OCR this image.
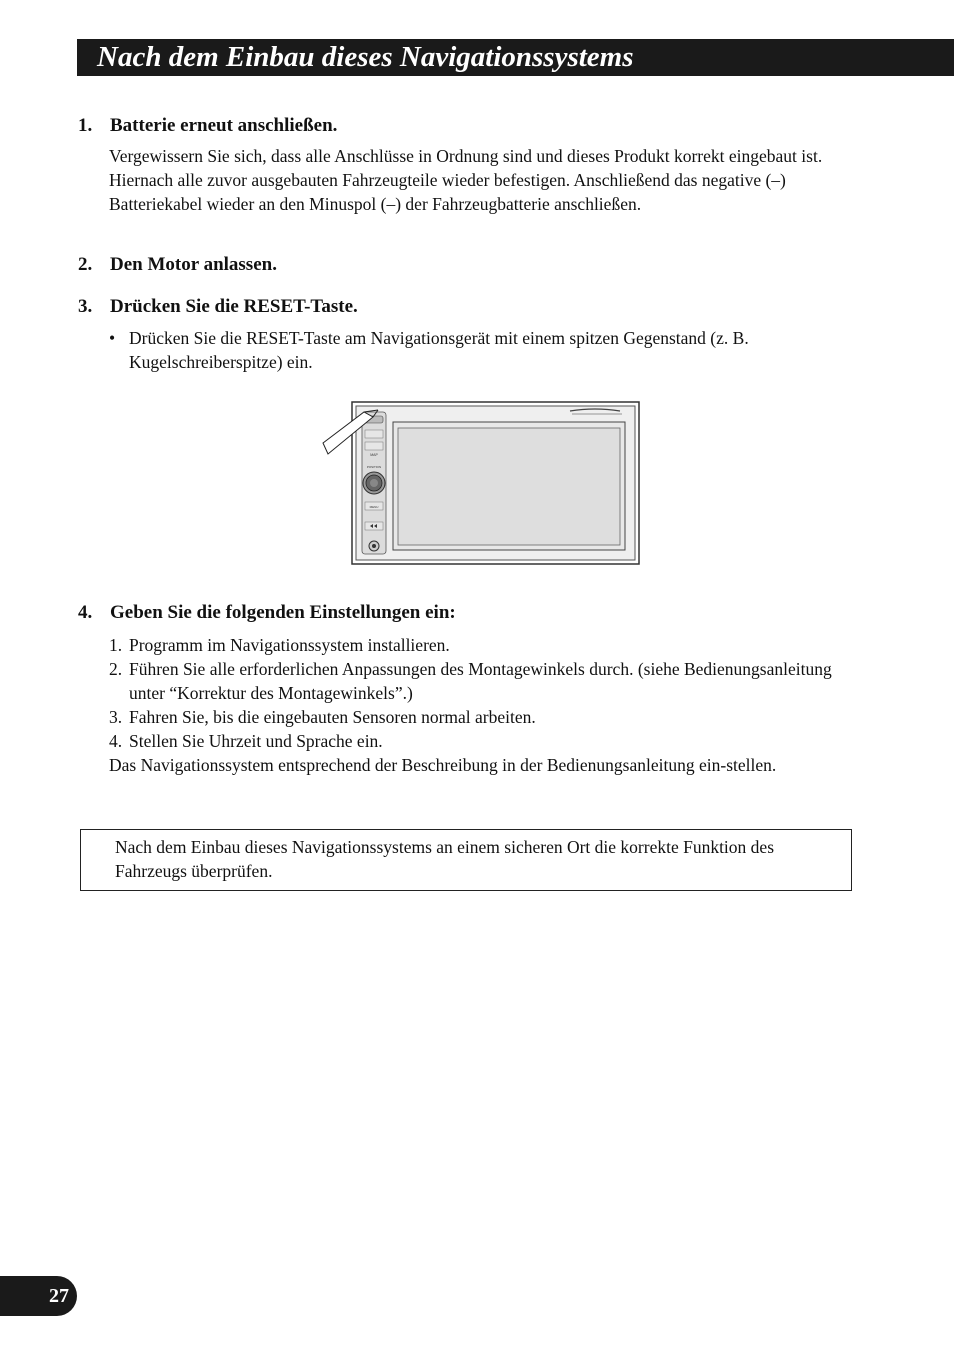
Nach dem Einbau dieses Navigationssystems
1. Batterie erneut anschließen.

Vergewissern Sie sich, dass alle Anschlüsse in Ordnung sind und dieses Produkt korrekt eingebaut ist. Hiernach alle zuvor ausgebauten Fahrzeugteile wieder befestigen. Anschließend das negative (–) Batteriekabel wieder an den Minuspol (–) der Fahrzeugbatterie anschließen.

2. Den Motor anlassen.
3. Drücken Sie die RESET-Taste.
• Drücken Sie die RESET-Taste am Navigationsgerät mit einem spitzen Gegenstand (z. B. Kugelschreiberspitze) ein.
MAP
POSITION
MENU
4. Geben Sie die folgenden Einstellungen ein:
1. Programm im Navigationssystem installieren.
2. Führen Sie alle erforderlichen Anpassungen des Montagewinkels durch. (siehe Bedienungsanleitung unter “Korrektur des Montagewinkels”.)
3. Fahren Sie, bis die eingebauten Sensoren normal arbeiten.
4. Stellen Sie Uhrzeit und Sprache ein.

Das Navigationssystem entsprechend der Beschreibung in der Bedienungsanleitung ein-stellen.

Nach dem Einbau dieses Navigationssystems an einem sicheren Ort die korrekte Funktion des Fahrzeugs überprüfen.

27
